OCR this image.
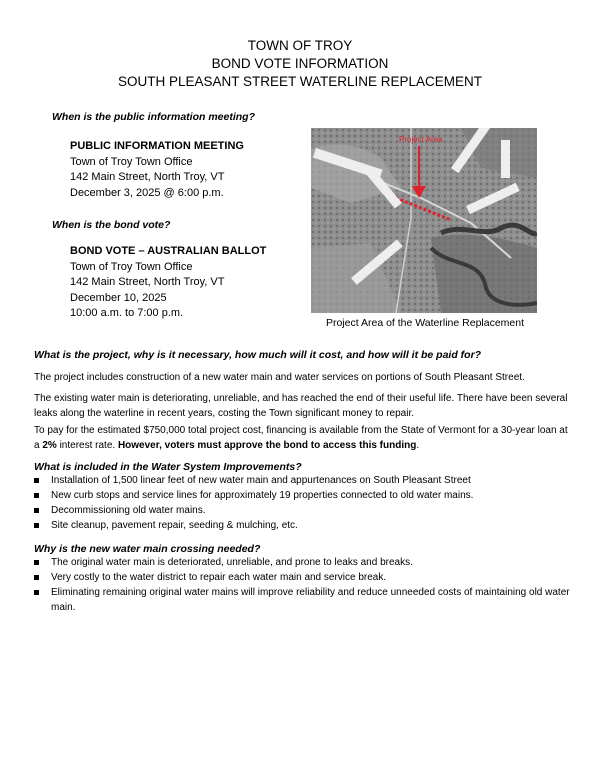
TOWN OF TROY
BOND VOTE INFORMATION
SOUTH PLEASANT STREET WATERLINE REPLACEMENT
When is the public information meeting?
PUBLIC INFORMATION MEETING
Town of Troy Town Office
142 Main Street, North Troy, VT
December 3, 2025 @ 6:00 p.m.
When is the bond vote?
BOND VOTE – AUSTRALIAN BALLOT
Town of Troy Town Office
142 Main Street, North Troy, VT
December 10, 2025
10:00 a.m. to 7:00 p.m.
Project Area
Project Area of the Waterline Replacement
What is the project, why is it necessary, how much will it cost, and how will it be paid for?
The project includes construction of a new water main and water services on portions of South Pleasant Street.
The existing water main is deteriorating, unreliable, and has reached the end of their useful life. There have been several leaks along the waterline in recent years, costing the Town significant money to repair.
To pay for the estimated $750,000 total project cost, financing is available from the State of Vermont for a 30-year loan at a 2% interest rate. However, voters must approve the bond to access this funding.
What is included in the Water System Improvements?
Installation of 1,500 linear feet of new water main and appurtenances on South Pleasant Street
New curb stops and service lines for approximately 19 properties connected to old water mains.
Decommissioning old water mains.
Site cleanup, pavement repair, seeding & mulching, etc.
Why is the new water main crossing needed?
The original water main is deteriorated, unreliable, and prone to leaks and breaks.
Very costly to the water district to repair each water main and service break.
Eliminating remaining original water mains will improve reliability and reduce unneeded costs of maintaining old water main.
